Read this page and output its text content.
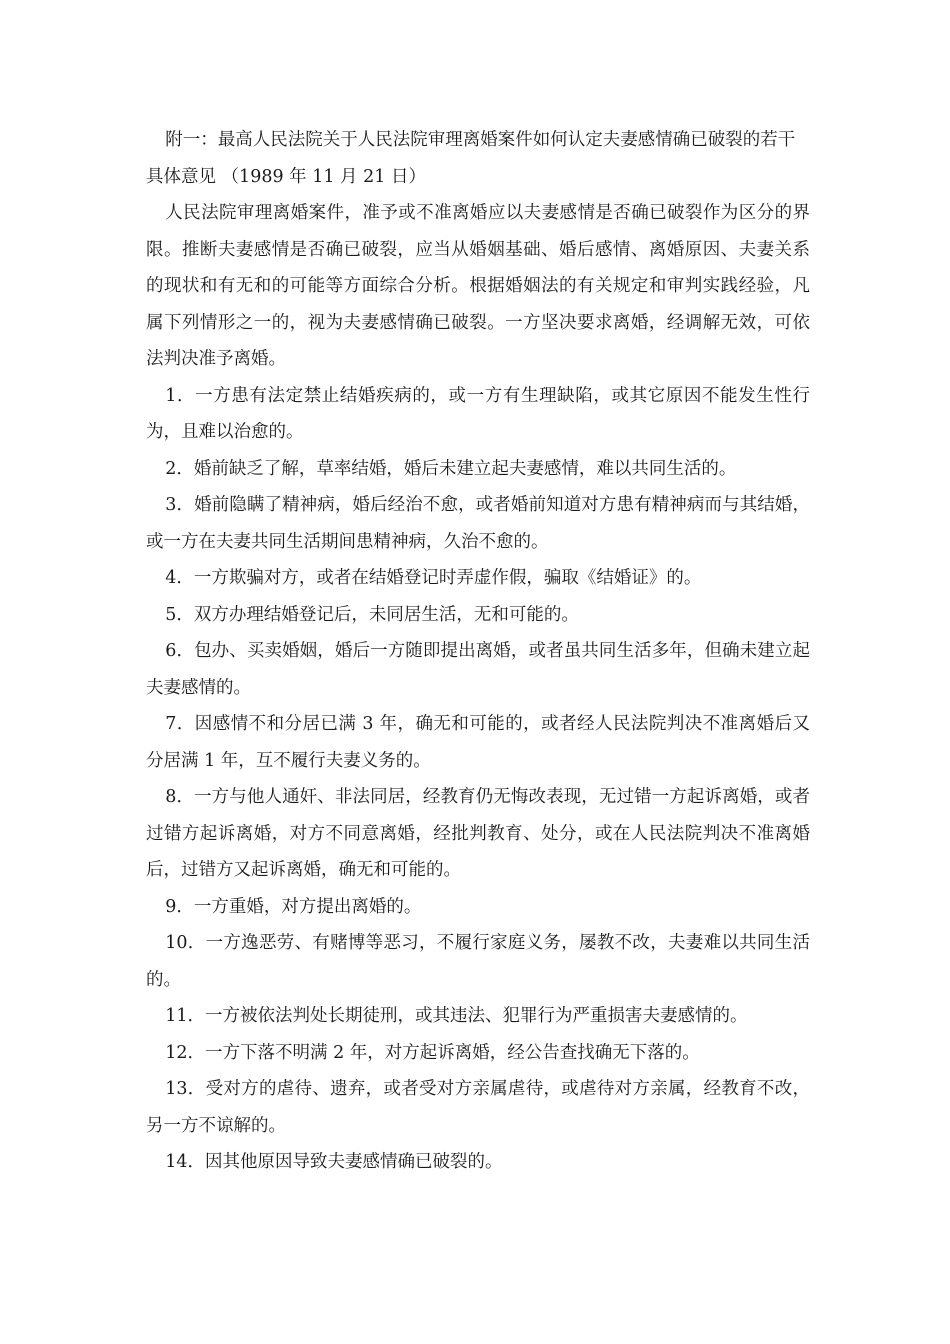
附一：最高人民法院关于人民法院审理离婚案件如何认定夫妻感情确已破裂的若干具体意见 （1989 年 11 月 21 日）

人民法院审理离婚案件，准予或不准离婚应以夫妻感情是否确已破裂作为区分的界限。推断夫妻感情是否确已破裂，应当从婚姻基础、婚后感情、离婚原因、夫妻关系的现状和有无和的可能等方面综合分析。根据婚姻法的有关规定和审判实践经验，凡属下列情形之一的，视为夫妻感情确已破裂。一方坚决要求离婚，经调解无效，可依法判决准予离婚。

1．一方患有法定禁止结婚疾病的，或一方有生理缺陷，或其它原因不能发生性行为，且难以治愈的。

2．婚前缺乏了解，草率结婚，婚后未建立起夫妻感情，难以共同生活的。

3．婚前隐瞒了精神病，婚后经治不愈，或者婚前知道对方患有精神病而与其结婚，或一方在夫妻共同生活期间患精神病，久治不愈的。

4．一方欺骗对方，或者在结婚登记时弄虚作假，骗取《结婚证》的。

5．双方办理结婚登记后，未同居生活，无和可能的。

6．包办、买卖婚姻，婚后一方随即提出离婚，或者虽共同生活多年，但确未建立起夫妻感情的。

7．因感情不和分居已满 3 年，确无和可能的，或者经人民法院判决不准离婚后又分居满 1 年，互不履行夫妻义务的。

8．一方与他人通奸、非法同居，经教育仍无悔改表现，无过错一方起诉离婚，或者过错方起诉离婚，对方不同意离婚，经批判教育、处分，或在人民法院判决不准离婚后，过错方又起诉离婚，确无和可能的。

9．一方重婚，对方提出离婚的。

10．一方逸恶劳、有赌博等恶习，不履行家庭义务，屡教不改，夫妻难以共同生活的。

11．一方被依法判处长期徒刑，或其违法、犯罪行为严重损害夫妻感情的。

12．一方下落不明满 2 年，对方起诉离婚，经公告查找确无下落的。

13．受对方的虐待、遗弃，或者受对方亲属虐待，或虐待对方亲属，经教育不改，另一方不谅解的。

14．因其他原因导致夫妻感情确已破裂的。
